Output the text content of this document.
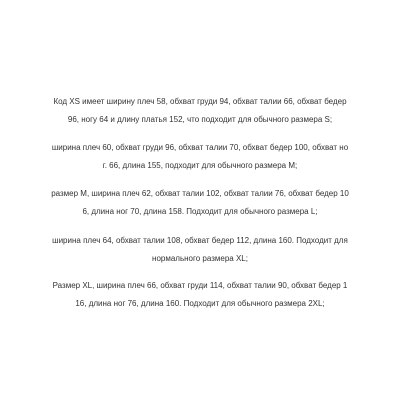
Код XS имеет ширину плеч 58, обхват груди 94, обхват талии 66, обхват бедер
96, ногу 64 и длину платья 152, что подходит для обычного размера S;
ширина плеч 60, обхват груди 96, обхват талии 70, обхват бедер 100, обхват но
г. 66, длина 155, подходит для обычного размера M;
размер M, ширина плеч 62, обхват талии 102, обхват талии 76, обхват бедер 10
6, длина ног 70, длина 158. Подходит для обычного размера L;
ширина плеч 64, обхват талии 108, обхват бедер 112, длина 160. Подходит для
нормального размера XL;
Размер XL, ширина плеч 66, обхват груди 114, обхват талии 90, обхват бедер 1
16, длина ног 76, длина 160. Подходит для обычного размера 2XL;
